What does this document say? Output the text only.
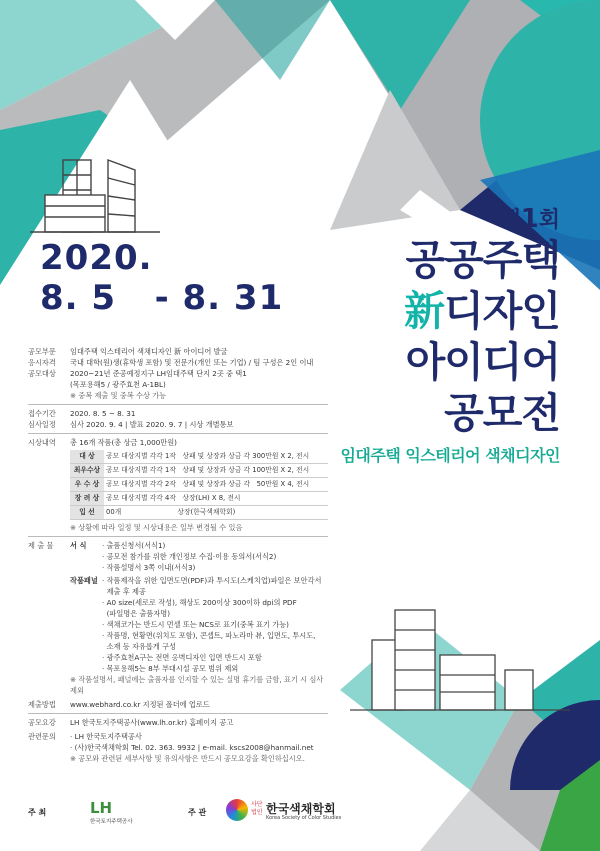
2020.
8. 5   - 8. 31
제1회
공공주택
新디자인
아이디어
공모전
임대주택 익스테리어 색채디자인
공모부문	임대주택 익스테리어 색채디자인 新 아이디어 발굴
응시자격	국내 대학(원)생(휴학생 포함) 및 전문가(개인 또는 기업) / 팀 구성은 2인 이내
공모대상	2020~21년 준공예정지구 LH임대주택 단지 2곳 중 택1
(목포용해5 / 광주효천 A-1BL)
※ 중복 제출 및 중복 수상 가능
접수기간	2020. 8. 5 ~ 8. 31
심사일정	심사 2020. 9. 4 | 발표 2020. 9. 7 | 시상 개별통보
시상내역	총 16개 작품(총 상금 1,000만원)
대 상	공모 대상지별 각각 1작   상패 및 상장과 상금 각 300만원 X 2, 전시
최우수상	공모 대상지별 각각 1작   상패 및 상장과 상금 각 100만원 X 2, 전시
우 수 상	공모 대상지별 각각 2작   상패 및 상장과 상금 각   50만원 X 4, 전시
장 려 상	공모 대상지별 각각 4작   상장(LH) X 8, 전시
입 선	00개                          상장(한국색채학회)
※ 상황에 따라 일정 및 시상내용은 일부 변경될 수 있음
제 출 물	서 식	· 출품신청서(서식1)
· 공모전 참가를 위한 개인정보 수집·이용 동의서(서식2)
· 작품설명서 3쪽 이내(서식3)
작품패널 · 작품제작을 위한 입면도면(PDF)과 투시도(스케치업)파일은 보안각서
제출 후 제공
· A0 size(세로로 작성), 해상도 200이상 300이하 dpi의 PDF
(파일명은 출품자명)
· 색채코가는 반드시 먼셀 또는 NCS로 표기(중복 표기 가능)
· 작품명, 현황면(위치도 포함), 콘셉트, 파노라마 뷰, 입면도, 투시도,
소재 등 자유롭게 구성
· 광주효천A구는 전면 옹벽디자인 입면 반드시 포함
· 목포용해5는 8부 부대시설 공모 범위 제외
※ 작품설명서, 패널에는 출품자를 인지할 수 있는 실명 휴기를 금함, 표기 시 심사 제외
제출방법	www.webhard.co.kr 지정된 폴더에 업로드
공모요강	LH 한국토지주택공사(www.lh.or.kr) 홈페이지 공고
관련문의	· LH 한국토지주택공사
· (사)한국색채학회 Tel. 02. 363. 9932 | e-mail. kscs2008@hanmail.net
※ 공모와 관련된 세부사항 및 유의사항은 반드시 공모요강을 확인하십시오.
주 최	LH
한국토지주택공사
주 관
사단
법인 한국색채학회
Korea Society of Color Studies
